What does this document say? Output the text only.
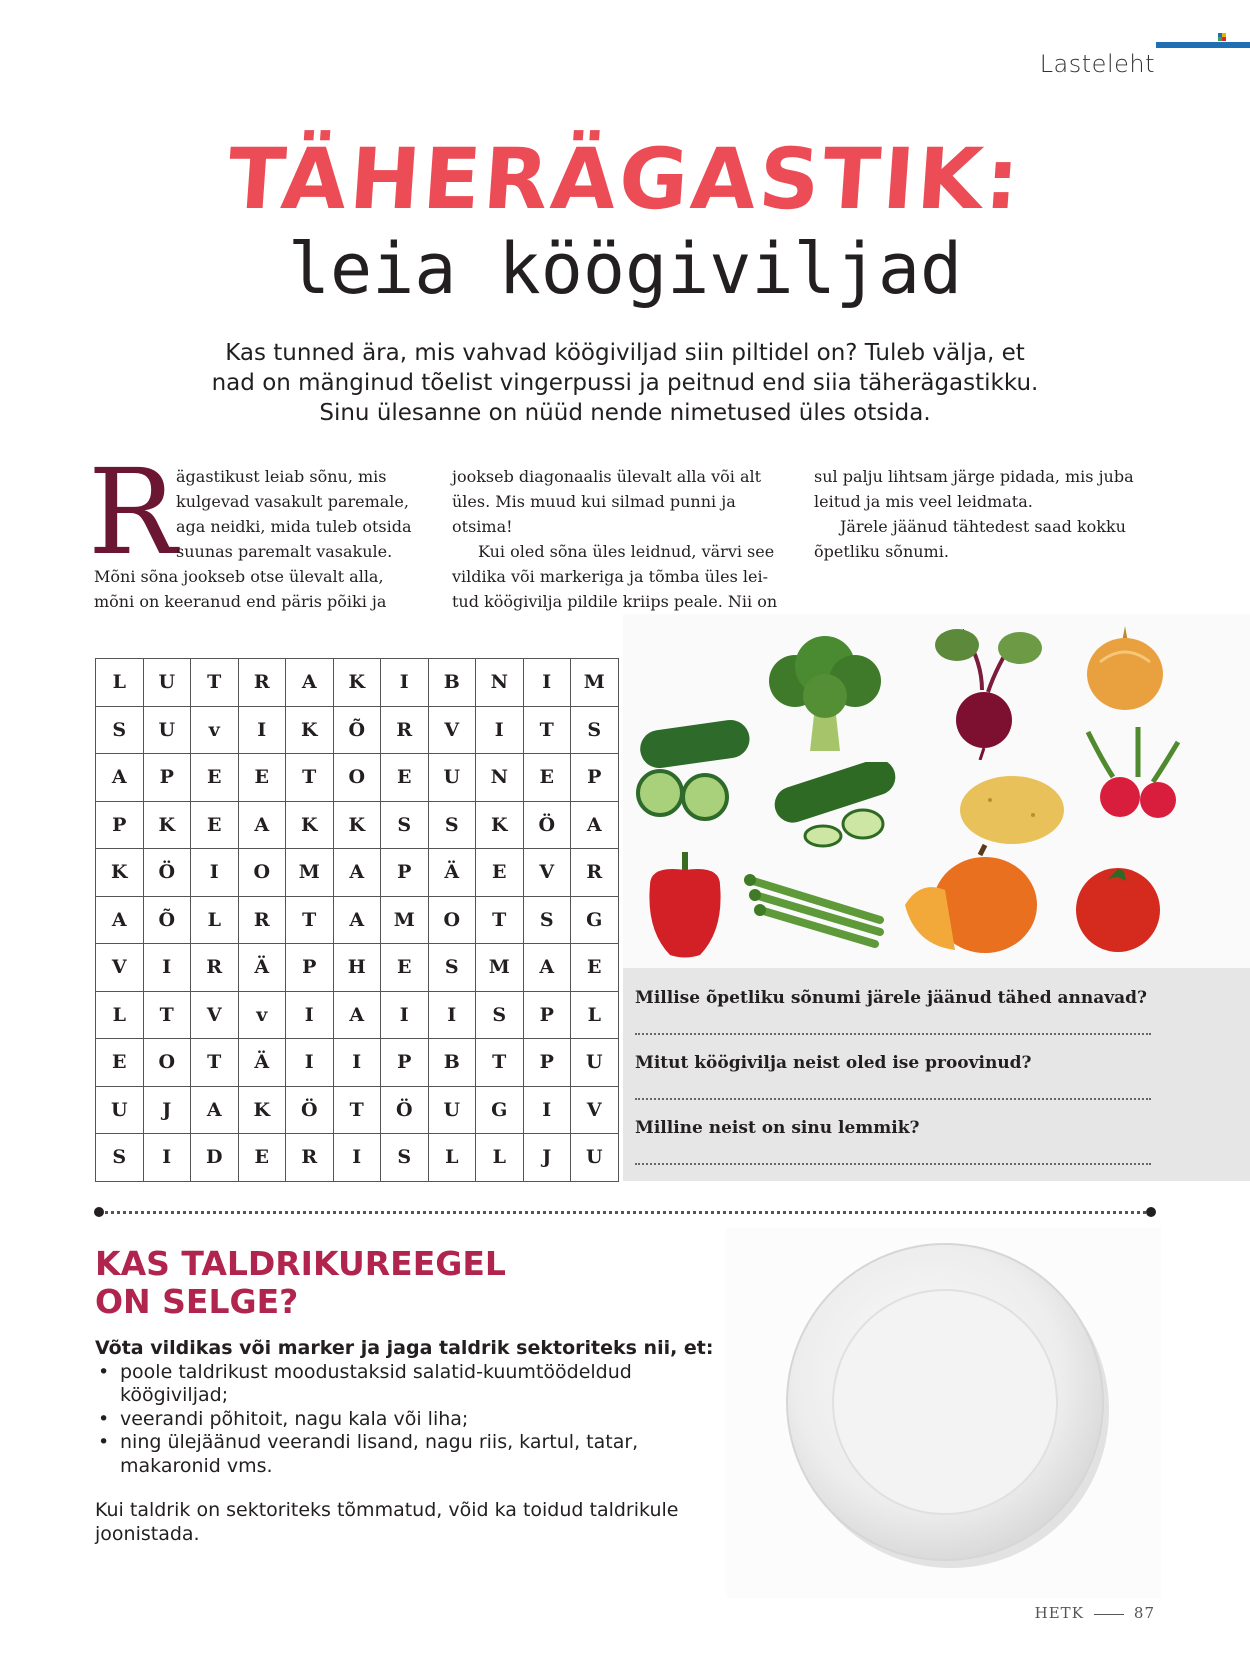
Lasteleht
TÄHERÄGASTIK:
leia köögiviljad
Kas tunned ära, mis vahvad köögiviljad siin piltidel on? Tuleb välja, et
nad on mänginud tõelist vingerpussi ja peitnud end siia täherägastikku.
Sinu ülesanne on nüüd nende nimetused üles otsida.
R ägastikust leiab sõnu, mis
kulgevad vasakult paremale,
aga neidki, mida tuleb otsida
suunas paremalt vasakule.
Mõni sõna jookseb otse ülevalt alla,
mõni on keeranud end päris põiki ja
jookseb diagonaalis ülevalt alla või alt
üles. Mis muud kui silmad punni ja
otsima!
Kui oled sõna üles leidnud, värvi see
vildika või markeriga ja tõmba üles lei-
tud köögivilja pildile kriips peale. Nii on
sul palju lihtsam järge pidada, mis juba
leitud ja mis veel leidmata.
Järele jäänud tähtedest saad kokku
õpetliku sõnumi.
L	U	T	R	A	K	I	B	N	I	M
S	U	v	I	K	Õ	R	V	I	T	S
A	P	E	E	T	O	E	U	N	E	P
P	K	E	A	K	K	S	S	K	Ö	A
K	Ö	I	O	M	A	P	Ä	E	V	R
A	Õ	L	R	T	A	M	O	T	S	G
V	I	R	Ä	P	H	E	S	M	A	E
L	T	V	v	I	A	I	I	S	P	L
E	O	T	Ä	I	I	P	B	T	P	U
U	J	A	K	Ö	T	Ö	U	G	I	V
S	I	D	E	R	I	S	L	L	J	U
Millise õpetliku sõnumi järele jäänud tähed annavad?
Mitut köögivilja neist oled ise proovinud?
Milline neist on sinu lemmik?
KAS TALDRIKUREEGEL
ON SELGE?
Võta vildikas või marker ja jaga taldrik sektoriteks nii, et:
• poole taldrikust moodustaksid salatid-kuumtöödeldud köögiviljad;
• veerandi põhitoit, nagu kala või liha;
• ning ülejäänud veerandi lisand, nagu riis, kartul, tatar, makaronid vms.
Kui taldrik on sektoriteks tõmmatud, võid ka toidud taldrikule joonistada.
HETK	87
